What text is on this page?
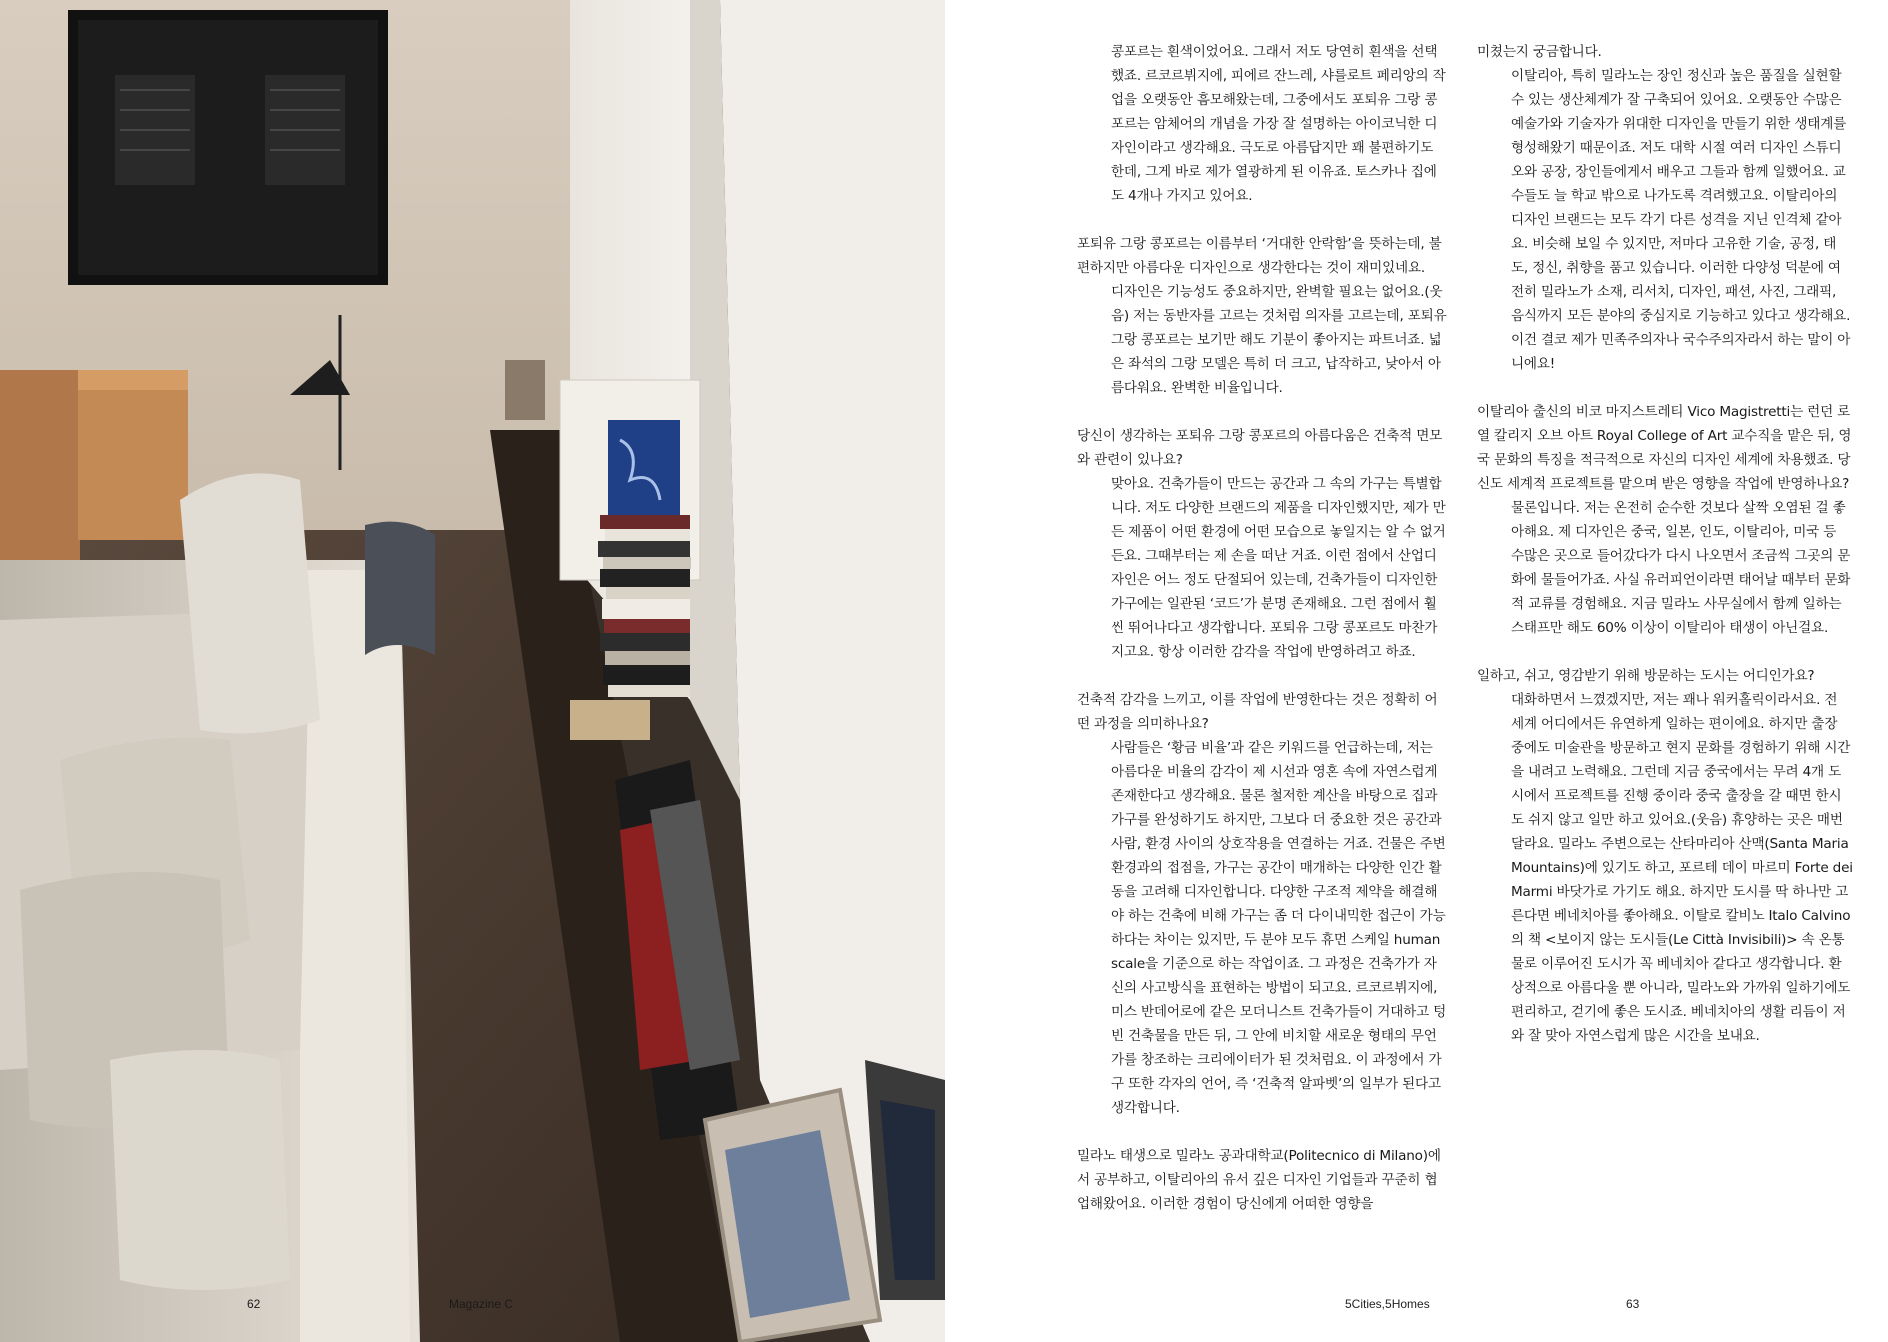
62	Magazine C

콩포르는 흰색이었어요. 그래서 저도 당연히 흰색을 선택했죠. 르코르뷔지에, 피에르 잔느레, 샤를로트 페리앙의 작업을 오랫동안 흠모해왔는데, 그중에서도 포퇴유 그랑 콩포르는 암체어의 개념을 가장 잘 설명하는 아이코닉한 디자인이라고 생각해요. 극도로 아름답지만 꽤 불편하기도 한데, 그게 바로 제가 열광하게 된 이유죠. 토스카나 집에도 4개나 가지고 있어요.

포퇴유 그랑 콩포르는 이름부터 ‘거대한 안락함’을 뜻하는데, 불편하지만 아름다운 디자인으로 생각한다는 것이 재미있네요.

디자인은 기능성도 중요하지만, 완벽할 필요는 없어요.(웃음) 저는 동반자를 고르는 것처럼 의자를 고르는데, 포퇴유 그랑 콩포르는 보기만 해도 기분이 좋아지는 파트너죠. 넓은 좌석의 그랑 모델은 특히 더 크고, 납작하고, 낮아서 아름다워요. 완벽한 비율입니다.

당신이 생각하는 포퇴유 그랑 콩포르의 아름다움은 건축적 면모와 관련이 있나요?

맞아요. 건축가들이 만드는 공간과 그 속의 가구는 특별합니다. 저도 다양한 브랜드의 제품을 디자인했지만, 제가 만든 제품이 어떤 환경에 어떤 모습으로 놓일지는 알 수 없거든요. 그때부터는 제 손을 떠난 거죠. 이런 점에서 산업디자인은 어느 정도 단절되어 있는데, 건축가들이 디자인한 가구에는 일관된 ‘코드’가 분명 존재해요. 그런 점에서 훨씬 뛰어나다고 생각합니다. 포퇴유 그랑 콩포르도 마찬가지고요. 항상 이러한 감각을 작업에 반영하려고 하죠.

건축적 감각을 느끼고, 이를 작업에 반영한다는 것은 정확히 어떤 과정을 의미하나요?

사람들은 ‘황금 비율’과 같은 키워드를 언급하는데, 저는 아름다운 비율의 감각이 제 시선과 영혼 속에 자연스럽게 존재한다고 생각해요. 물론 철저한 계산을 바탕으로 집과 가구를 완성하기도 하지만, 그보다 더 중요한 것은 공간과 사람, 환경 사이의 상호작용을 연결하는 거죠. 건물은 주변 환경과의 접점을, 가구는 공간이 매개하는 다양한 인간 활동을 고려해 디자인합니다. 다양한 구조적 제약을 해결해야 하는 건축에 비해 가구는 좀 더 다이내믹한 접근이 가능하다는 차이는 있지만, 두 분야 모두 휴먼 스케일 human scale을 기준으로 하는 작업이죠. 그 과정은 건축가가 자신의 사고방식을 표현하는 방법이 되고요. 르코르뷔지에, 미스 반데어로에 같은 모더니스트 건축가들이 거대하고 텅 빈 건축물을 만든 뒤, 그 안에 비치할 새로운 형태의 무언가를 창조하는 크리에이터가 된 것처럼요. 이 과정에서 가구 또한 각자의 언어, 즉 ‘건축적 알파벳’의 일부가 된다고 생각합니다.

밀라노 태생으로 밀라노 공과대학교(Politecnico di Milano)에서 공부하고, 이탈리아의 유서 깊은 디자인 기업들과 꾸준히 협업해왔어요. 이러한 경험이 당신에게 어떠한 영향을

미쳤는지 궁금합니다.

이탈리아, 특히 밀라노는 장인 정신과 높은 품질을 실현할 수 있는 생산체계가 잘 구축되어 있어요. 오랫동안 수많은 예술가와 기술자가 위대한 디자인을 만들기 위한 생태계를 형성해왔기 때문이죠. 저도 대학 시절 여러 디자인 스튜디오와 공장, 장인들에게서 배우고 그들과 함께 일했어요. 교수들도 늘 학교 밖으로 나가도록 격려했고요. 이탈리아의 디자인 브랜드는 모두 각기 다른 성격을 지닌 인격체 같아요. 비슷해 보일 수 있지만, 저마다 고유한 기술, 공정, 태도, 정신, 취향을 품고 있습니다. 이러한 다양성 덕분에 여전히 밀라노가 소재, 리서치, 디자인, 패션, 사진, 그래픽, 음식까지 모든 분야의 중심지로 기능하고 있다고 생각해요. 이건 결코 제가 민족주의자나 국수주의자라서 하는 말이 아니에요!

이탈리아 출신의 비코 마지스트레티 Vico Magistretti는 런던 로열 칼리지 오브 아트 Royal College of Art 교수직을 맡은 뒤, 영국 문화의 특징을 적극적으로 자신의 디자인 세계에 차용했죠. 당신도 세계적 프로젝트를 맡으며 받은 영향을 작업에 반영하나요?

물론입니다. 저는 온전히 순수한 것보다 살짝 오염된 걸 좋아해요. 제 디자인은 중국, 일본, 인도, 이탈리아, 미국 등 수많은 곳으로 들어갔다가 다시 나오면서 조금씩 그곳의 문화에 물들어가죠. 사실 유러피언이라면 태어날 때부터 문화적 교류를 경험해요. 지금 밀라노 사무실에서 함께 일하는 스태프만 해도 60% 이상이 이탈리아 태생이 아닌걸요.

일하고, 쉬고, 영감받기 위해 방문하는 도시는 어디인가요?

대화하면서 느꼈겠지만, 저는 꽤나 워커홀릭이라서요. 전 세계 어디에서든 유연하게 일하는 편이에요. 하지만 출장 중에도 미술관을 방문하고 현지 문화를 경험하기 위해 시간을 내려고 노력해요. 그런데 지금 중국에서는 무려 4개 도시에서 프로젝트를 진행 중이라 중국 출장을 갈 때면 한시도 쉬지 않고 일만 하고 있어요.(웃음) 휴양하는 곳은 매번 달라요. 밀라노 주변으로는 산타마리아 산맥(Santa Maria Mountains)에 있기도 하고, 포르테 데이 마르미 Forte dei Marmi 바닷가로 가기도 해요. 하지만 도시를 딱 하나만 고른다면 베네치아를 좋아해요. 이탈로 칼비노 Italo Calvino의 책 <보이지 않는 도시들(Le Città Invisibili)> 속 온통 물로 이루어진 도시가 꼭 베네치아 같다고 생각합니다. 환상적으로 아름다울 뿐 아니라, 밀라노와 가까워 일하기에도 편리하고, 걷기에 좋은 도시죠. 베네치아의 생활 리듬이 저와 잘 맞아 자연스럽게 많은 시간을 보내요.

5Cities,5Homes	63
